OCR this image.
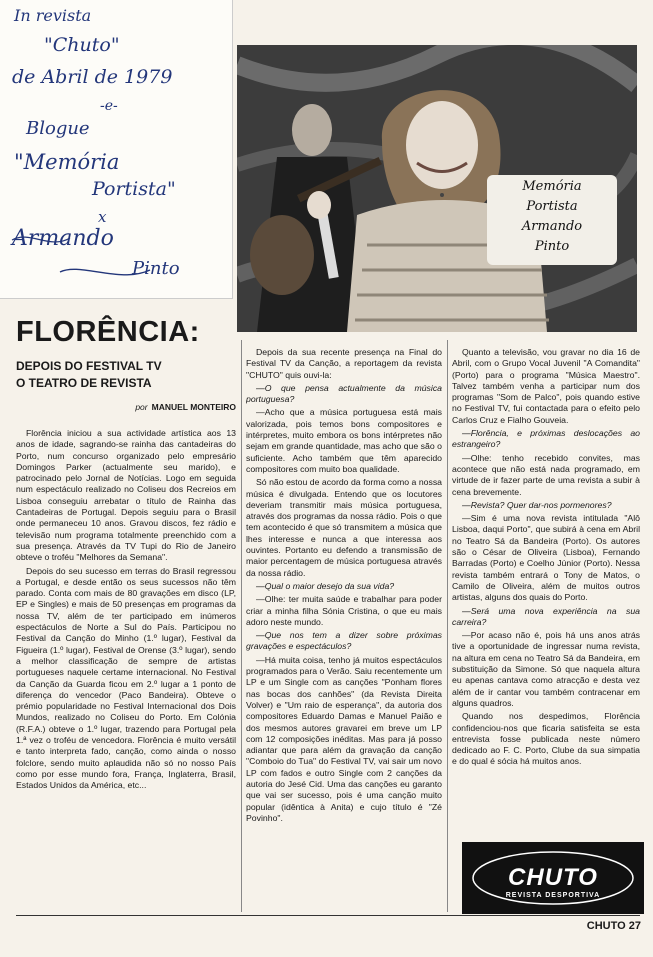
In revista
"Chuto"
de Abril de 1979
-e-
Blogue
"Memória
Portista"
x
Armando
Pinto
Memória
Portista
Armando
Pinto
FLORÊNCIA:
DEPOIS DO FESTIVAL TV
O TEATRO DE REVISTA
por MANUEL MONTEIRO

Florência iniciou a sua actividade artística aos 13 anos de idade, sagrando-se rainha das cantadeiras do Porto, num concurso organizado pelo empresário Domingos Parker (actualmente seu marido), e patrocinado pelo Jornal de Notícias. Logo em seguida num espectáculo realizado no Coliseu dos Recreios em Lisboa conseguiu arrebatar o título de Rainha das Cantadeiras de Portugal. Depois seguiu para o Brasil onde permaneceu 10 anos. Gravou discos, fez rádio e televisão num programa totalmente preenchido com a sua presença. Através da TV Tupi do Rio de Janeiro obteve o troféu "Melhores da Semana".

Depois do seu sucesso em terras do Brasil regressou a Portugal, e desde então os seus sucessos não têm parado. Conta com mais de 80 gravações em disco (LP, EP e Singles) e mais de 50 presenças em programas da nossa TV, além de ter participado em inúmeros espectáculos de Norte a Sul do País. Participou no Festival da Canção do Minho (1.º lugar), Festival da Figueira (1.º lugar), Festival de Orense (3.º lugar), sendo a melhor classificação de sempre de artistas portugueses naquele certame internacional. No Festival da Canção da Guarda ficou em 2.º lugar a 1 ponto de diferença do vencedor (Paco Bandeira). Obteve o prémio popularidade no Festival Internacional dos Dois Mundos, realizado no Coliseu do Porto. Em Colónia (R.F.A.) obteve o 1.º lugar, trazendo para Portugal pela 1.ª vez o troféu de vencedora. Florência é muito versátil e tanto interpreta fado, canção, como ainda o nosso folclore, sendo muito aplaudida não só no nosso País como por esse mundo fora, França, Inglaterra, Brasil, Estados Unidos da América, etc...

Depois da sua recente presença na Final do Festival TV da Canção, a reportagem da revista "CHUTO" quis ouvi-la:

—O que pensa actualmente da música portuguesa?

—Acho que a música portuguesa está mais valorizada, pois temos bons compositores e intérpretes, muito embora os bons intérpretes não sejam em grande quantidade, mas acho que são o suficiente. Acho também que têm aparecido compositores com muito boa qualidade.

Só não estou de acordo da forma como a nossa música é divulgada. Entendo que os locutores deveriam transmitir mais música portuguesa, através dos programas da nossa rádio. Pois o que tem acontecido é que só transmitem a música que lhes interesse e nunca a que interessa aos ouvintes. Portanto eu defendo a transmissão de maior percentagem de música portuguesa através da nossa rádio.

—Qual o maior desejo da sua vida?

—Olhe: ter muita saúde e trabalhar para poder criar a minha filha Sónia Cristina, o que eu mais adoro neste mundo.

—Que nos tem a dizer sobre próximas gravações e espectáculos?

—Há muita coisa, tenho já muitos espectáculos programados para o Verão. Saiu recentemente um LP e um Single com as canções "Ponham flores nas bocas dos canhões" (da Revista Direita Volver) e "Um raio de esperança", da autoria dos compositores Eduardo Damas e Manuel Paião e dos mesmos autores gravarei em breve um LP com 12 composições inéditas. Mas para já posso adiantar que para além da gravação da canção "Comboio do Tua" do Festival TV, vai sair um novo LP com fados e outro Single com 2 canções da autoria do Jesé Cid. Uma das canções eu garanto que vai ser sucesso, pois é uma canção muito popular (idêntica à Anita) e cujo título é "Zé Povinho".

Quanto a televisão, vou gravar no dia 16 de Abril, com o Grupo Vocal Juvenil "A Comandita" (Porto) para o programa "Música Maestro". Talvez também venha a participar num dos programas "Som de Palco", pois quando estive no Festival TV, fui contactada para o efeito pelo Carlos Cruz e Fialho Gouveia.

—Florência, e próximas deslocações ao estrangeiro?

—Olhe: tenho recebido convites, mas acontece que não está nada programado, em virtude de ir fazer parte de uma revista a subir à cena brevemente.

—Revista? Quer dar-nos pormenores?

—Sim é uma nova revista intitulada "Alô Lisboa, daqui Porto", que subirá à cena em Abril no Teatro Sá da Bandeira (Porto). Os autores são o César de Oliveira (Lisboa), Fernando Barradas (Porto) e Coelho Júnior (Porto). Nessa revista também entrará o Tony de Matos, o Camilo de Oliveira, além de muitos outros artistas, alguns dos quais do Porto.

—Será uma nova experiência na sua carreira?

—Por acaso não é, pois há uns anos atrás tive a oportunidade de ingressar numa revista, na altura em cena no Teatro Sá da Bandeira, em substituição da Simone. Só que naquela altura eu apenas cantava como atracção e desta vez além de ir cantar vou também contracenar em alguns quadros.

Quando nos despedimos, Florência confidenciou-nos que ficaria satisfeita se esta entrevista fosse publicada neste número dedicado ao F. C. Porto, Clube da sua simpatia e do qual é sócia há muitos anos.

CHUTO
REVISTA DESPORTIVA
CHUTO 27
